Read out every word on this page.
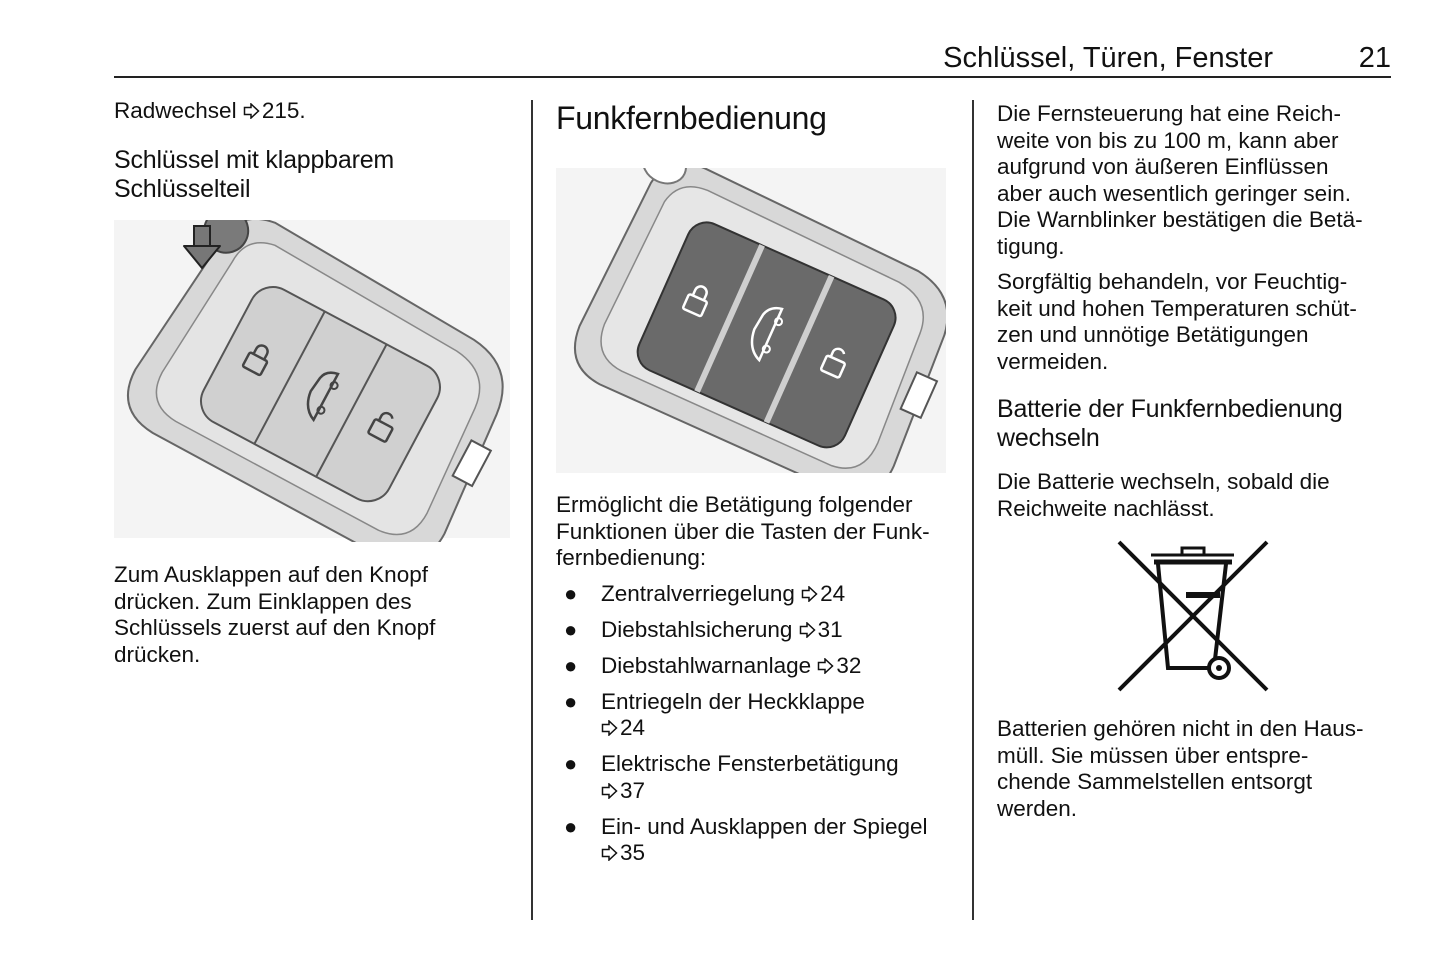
Schlüssel, Türen, Fenster	21

Radwechsel 215.

Schlüssel mit klappbarem
Schlüsselteil

Zum Ausklappen auf den Knopf

drücken. Zum Einklappen des

Schlüssels zuerst auf den Knopf

drücken.

Funkfernbedienung

Ermöglicht die Betätigung folgender

Funktionen über die Tasten der Funk-

fernbedienung:

● Zentralverriegelung 24
● Diebstahlsicherung 31
● Diebstahlwarnanlage 32
● Entriegeln der Heckklappe
24
● Elektrische Fensterbetätigung
37
● Ein- und Ausklappen der Spiegel
35

Die Fernsteuerung hat eine Reich-

weite von bis zu 100 m, kann aber

aufgrund von äußeren Einflüssen

aber auch wesentlich geringer sein.

Die Warnblinker bestätigen die Betä-

tigung.

Sorgfältig behandeln, vor Feuchtig-

keit und hohen Temperaturen schüt-

zen und unnötige Betätigungen

vermeiden.

Batterie der Funkfernbedienung
wechseln

Die Batterie wechseln, sobald die

Reichweite nachlässt.

Batterien gehören nicht in den Haus-

müll. Sie müssen über entspre-

chende Sammelstellen entsorgt

werden.
